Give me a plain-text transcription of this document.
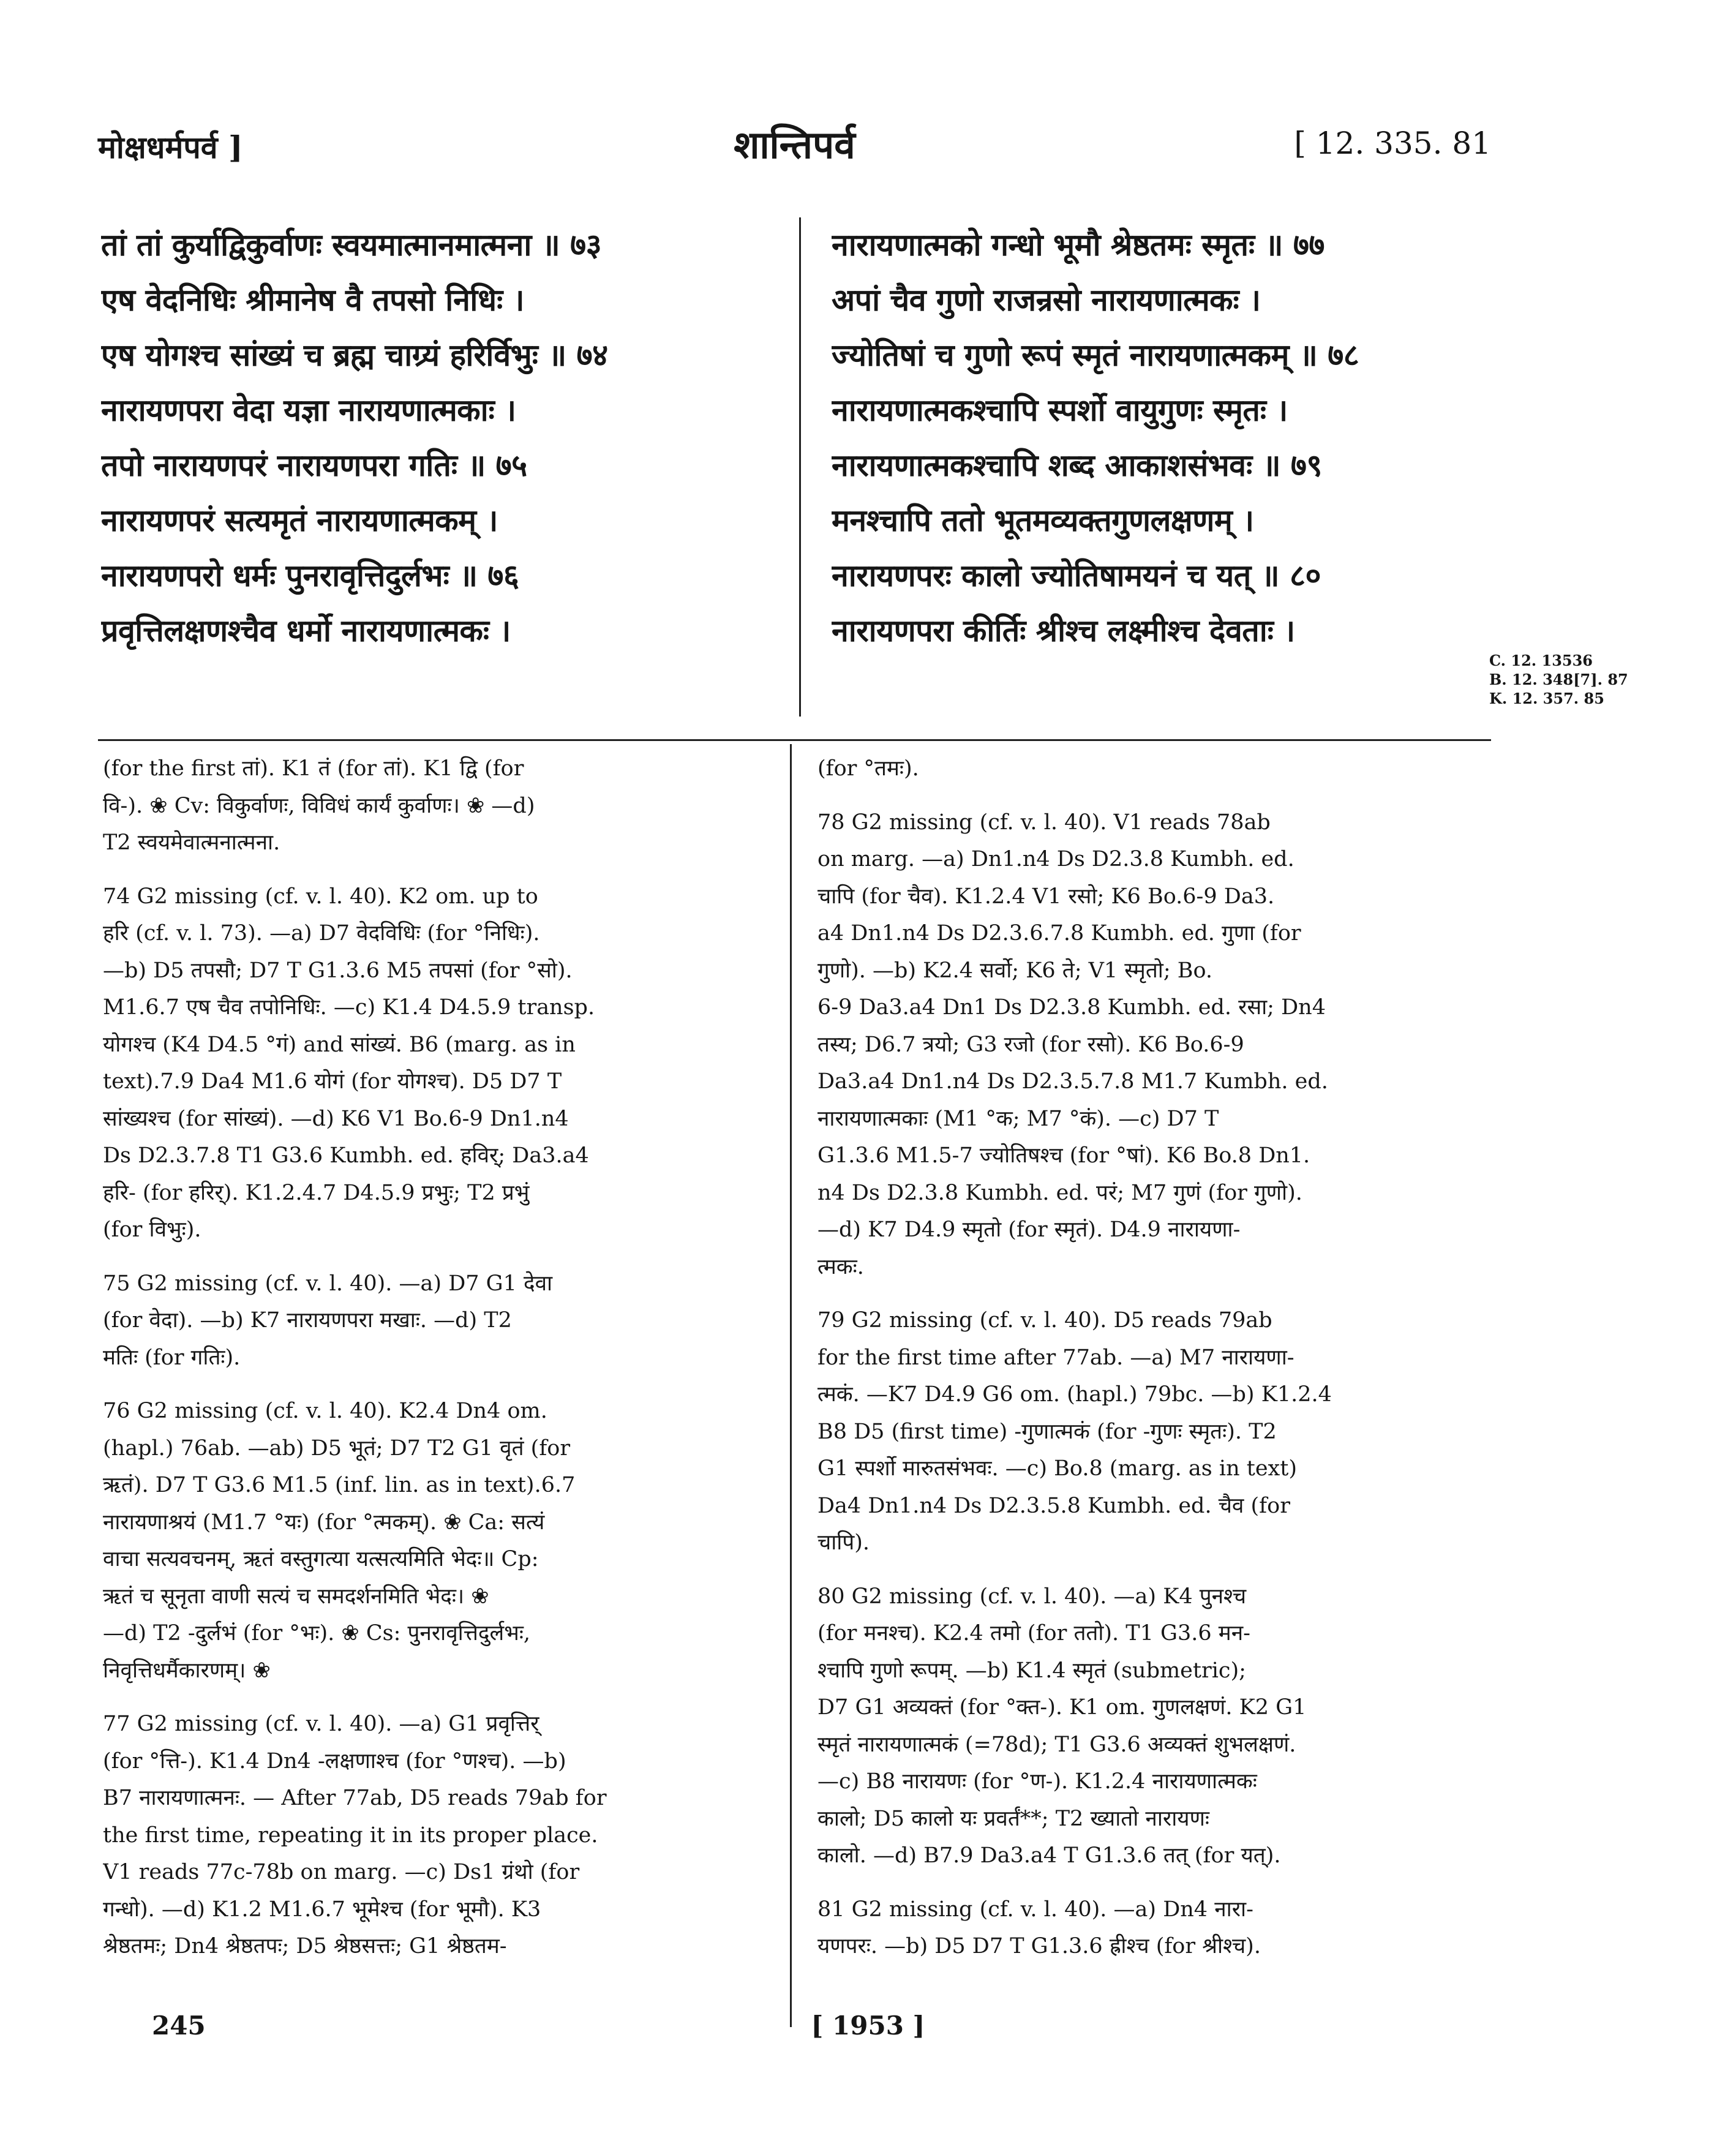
मोक्षधर्मपर्व ]	शान्तिपर्व	[ 12. 335. 81
तां तां कुर्याद्विकुर्वाणः स्वयमात्मानमात्मना ॥ ७३
एष वेदनिधिः श्रीमानेष वै तपसो निधिः ।
एष योगश्च सांख्यं च ब्रह्म चाग्र्यं हरिर्विभुः ॥ ७४
नारायणपरा वेदा यज्ञा नारायणात्मकाः ।
तपो नारायणपरं नारायणपरा गतिः ॥ ७५
नारायणपरं सत्यमृतं नारायणात्मकम् ।
नारायणपरो धर्मः पुनरावृत्तिदुर्लभः ॥ ७६
प्रवृत्तिलक्षणश्चैव धर्मो नारायणात्मकः ।
नारायणात्मको गन्धो भूमौ श्रेष्ठतमः स्मृतः ॥ ७७
अपां चैव गुणो राजन्रसो नारायणात्मकः ।
ज्योतिषां च गुणो रूपं स्मृतं नारायणात्मकम् ॥ ७८
नारायणात्मकश्चापि स्पर्शो वायुगुणः स्मृतः ।
नारायणात्मकश्चापि शब्द आकाशसंभवः ॥ ७९
मनश्चापि ततो भूतमव्यक्तगुणलक्षणम् ।
नारायणपरः कालो ज्योतिषामयनं च यत् ॥ ८०
नारायणपरा कीर्तिः श्रीश्च लक्ष्मीश्च देवताः ।
C. 12. 13536
B. 12. 348[7]. 87
K. 12. 357. 85
(for the first तां). K1 तं (for तां). K1 द्वि (for
वि-). ❀ Cv: विकुर्वाणः, विविधं कार्यं कुर्वाणः। ❀ —d)
T2 स्वयमेवात्मनात्मना.
74 G2 missing (cf. v. l. 40). K2 om. up to
हरि (cf. v. l. 73). —a) D7 वेदविधिः (for °निधिः).
—b) D5 तपसौ; D7 T G1.3.6 M5 तपसां (for °सो).
M1.6.7 एष चैव तपोनिधिः. —c) K1.4 D4.5.9 transp.
योगश्च (K4 D4.5 °गं) and सांख्यं. B6 (marg. as in
text).7.9 Da4 M1.6 योगं (for योगश्च). D5 D7 T
सांख्यश्च (for सांख्यं). —d) K6 V1 Bo.6-9 Dn1.n4
Ds D2.3.7.8 T1 G3.6 Kumbh. ed. हविर्; Da3.a4
हरि- (for हरिर्). K1.2.4.7 D4.5.9 प्रभुः; T2 प्रभुं
(for विभुः).
75 G2 missing (cf. v. l. 40). —a) D7 G1 देवा
(for वेदा). —b) K7 नारायणपरा मखाः. —d) T2
मतिः (for गतिः).
76 G2 missing (cf. v. l. 40). K2.4 Dn4 om.
(hapl.) 76ab. —ab) D5 भूतं; D7 T2 G1 वृतं (for
ऋतं). D7 T G3.6 M1.5 (inf. lin. as in text).6.7
नारायणाश्रयं (M1.7 °यः) (for °त्मकम्). ❀ Ca: सत्यं
वाचा सत्यवचनम्, ऋतं वस्तुगत्या यत्सत्यमिति भेदः॥ Cp:
ऋतं च सूनृता वाणी सत्यं च समदर्शनमिति भेदः। ❀
—d) T2 -दुर्लभं (for °भः). ❀ Cs: पुनरावृत्तिदुर्लभः,
निवृत्तिधर्मैकारणम्। ❀
77 G2 missing (cf. v. l. 40). —a) G1 प्रवृत्तिर्
(for °त्ति-). K1.4 Dn4 -लक्षणाश्च (for °णश्च). —b)
B7 नारायणात्मनः. — After 77ab, D5 reads 79ab for
the first time, repeating it in its proper place.
V1 reads 77c-78b on marg. —c) Ds1 ग्रंथो (for
गन्धो). —d) K1.2 M1.6.7 भूमेश्च (for भूमौ). K3
श्रेष्ठतमः; Dn4 श्रेष्ठतपः; D5 श्रेष्ठसत्तः; G1 श्रेष्ठतम-
(for °तमः).
78 G2 missing (cf. v. l. 40). V1 reads 78ab
on marg. —a) Dn1.n4 Ds D2.3.8 Kumbh. ed.
चापि (for चैव). K1.2.4 V1 रसो; K6 Bo.6-9 Da3.
a4 Dn1.n4 Ds D2.3.6.7.8 Kumbh. ed. गुणा (for
गुणो). —b) K2.4 सर्वो; K6 ते; V1 स्मृतो; Bo.
6-9 Da3.a4 Dn1 Ds D2.3.8 Kumbh. ed. रसा; Dn4
तस्य; D6.7 त्रयो; G3 रजो (for रसो). K6 Bo.6-9
Da3.a4 Dn1.n4 Ds D2.3.5.7.8 M1.7 Kumbh. ed.
नारायणात्मकाः (M1 °क; M7 °कं). —c) D7 T
G1.3.6 M1.5-7 ज्योतिषश्च (for °षां). K6 Bo.8 Dn1.
n4 Ds D2.3.8 Kumbh. ed. परं; M7 गुणं (for गुणो).
—d) K7 D4.9 स्मृतो (for स्मृतं). D4.9 नारायणा-
त्मकः.
79 G2 missing (cf. v. l. 40). D5 reads 79ab
for the first time after 77ab. —a) M7 नारायणा-
त्मकं. —K7 D4.9 G6 om. (hapl.) 79bc. —b) K1.2.4
B8 D5 (first time) -गुणात्मकं (for -गुणः स्मृतः). T2
G1 स्पर्शो मारुतसंभवः. —c) Bo.8 (marg. as in text)
Da4 Dn1.n4 Ds D2.3.5.8 Kumbh. ed. चैव (for
चापि).
80 G2 missing (cf. v. l. 40). —a) K4 पुनश्च
(for मनश्च). K2.4 तमो (for ततो). T1 G3.6 मन-
श्चापि गुणो रूपम्. —b) K1.4 स्मृतं (submetric);
D7 G1 अव्यक्तं (for °क्त-). K1 om. गुणलक्षणं. K2 G1
स्मृतं नारायणात्मकं (=78d); T1 G3.6 अव्यक्तं शुभलक्षणं.
—c) B8 नारायणः (for °ण-). K1.2.4 नारायणात्मकः
कालो; D5 कालो यः प्रवर्तं**; T2 ख्यातो नारायणः
कालो. —d) B7.9 Da3.a4 T G1.3.6 तत् (for यत्).
81 G2 missing (cf. v. l. 40). —a) Dn4 नारा-
यणपरः. —b) D5 D7 T G1.3.6 ह्रीश्च (for श्रीश्च).
245	[ 1953 ]
